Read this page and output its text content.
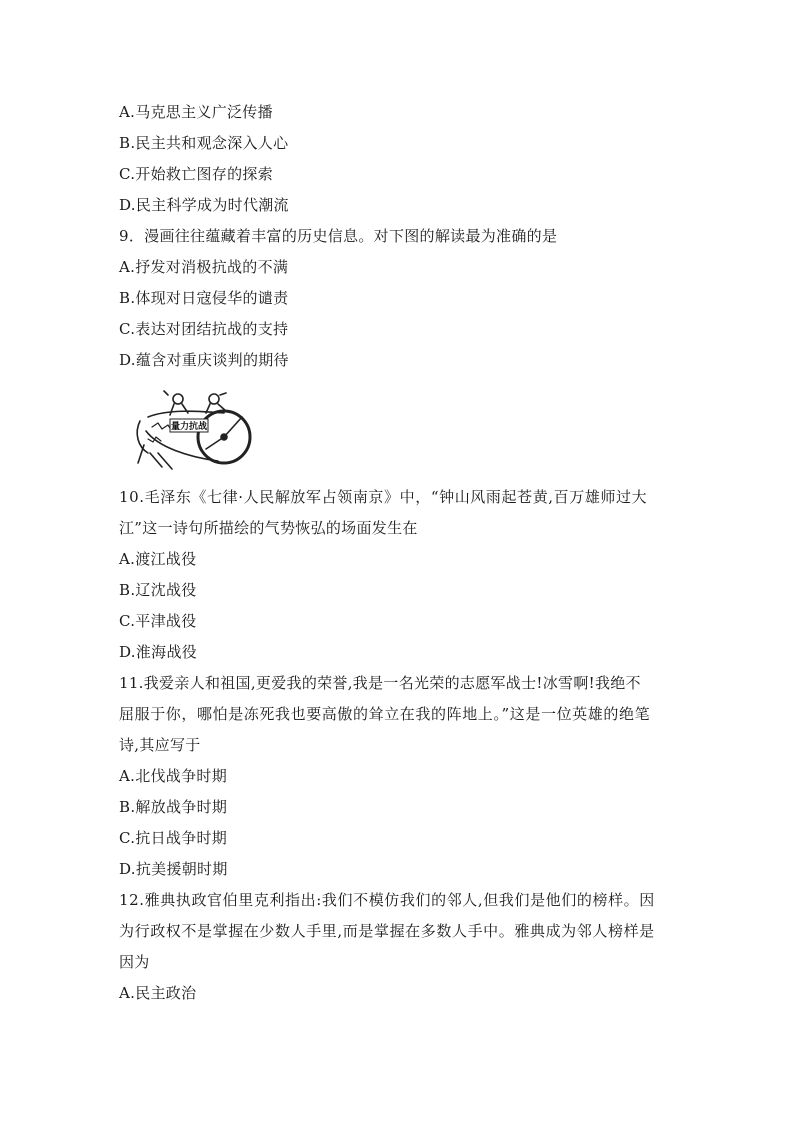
A.马克思主义广泛传播
B.民主共和观念深入人心
C.开始救亡图存的探索
D.民主科学成为时代潮流
9．漫画往往蕴藏着丰富的历史信息。对下图的解读最为准确的是
A.抒发对消极抗战的不满
B.体现对日寇侵华的谴责
C.表达对团结抗战的支持
D.蕴含对重庆谈判的期待
量力抗战
10.毛泽东《七律·人民解放军占领南京》中，“钟山风雨起苍黄,百万雄师过大
江”这一诗句所描绘的气势恢弘的场面发生在
A.渡江战役
B.辽沈战役
C.平津战役
D.淮海战役
11.我爱亲人和祖国,更爱我的荣誉,我是一名光荣的志愿军战士!冰雪啊!我绝不
屈服于你，哪怕是冻死我也要高傲的耸立在我的阵地上。”这是一位英雄的绝笔
诗,其应写于
A.北伐战争时期
B.解放战争时期
C.抗日战争时期
D.抗美援朝时期
12.雅典执政官伯里克利指出:我们不模仿我们的邻人,但我们是他们的榜样。因
为行政权不是掌握在少数人手里,而是掌握在多数人手中。雅典成为邻人榜样是
因为
A.民主政治
